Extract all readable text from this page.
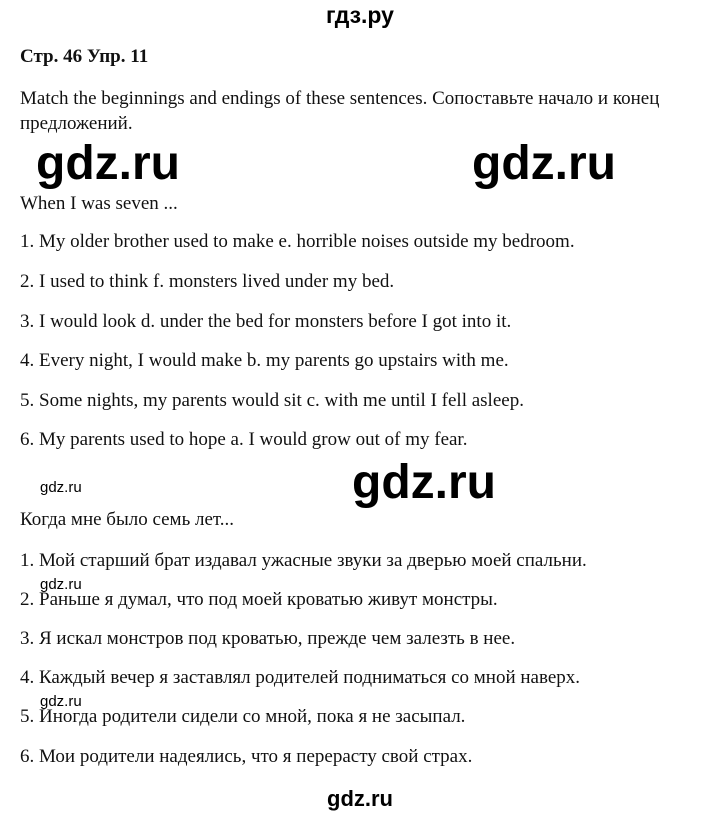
гдз.ру
Стр. 46 Упр. 11
Match the beginnings and endings of these sentences. Сопоставьте начало и конец предложений.
gdz.ru	gdz.ru
When I was seven ...
1. My older brother used to make e. horrible noises outside my bedroom.
2. I used to think f. monsters lived under my bed.
3. I would look d. under the bed for monsters before I got into it.
4. Every night, I would make b. my parents go upstairs with me.
5. Some nights, my parents would sit c. with me until I fell asleep.
6. My parents used to hope a. I would grow out of my fear.
gdz.ru
gdz.ru
Когда мне было семь лет...
1. Мой старший брат издавал ужасные звуки за дверью моей спальни.
gdz.ru
2. Раньше я думал, что под моей кроватью живут монстры.
3. Я искал монстров под кроватью, прежде чем залезть в нее.
4. Каждый вечер я заставлял родителей подниматься со мной наверх.
gdz.ru
5. Иногда родители сидели со мной, пока я не засыпал.
6. Мои родители надеялись, что я перерасту свой страх.
gdz.ru
